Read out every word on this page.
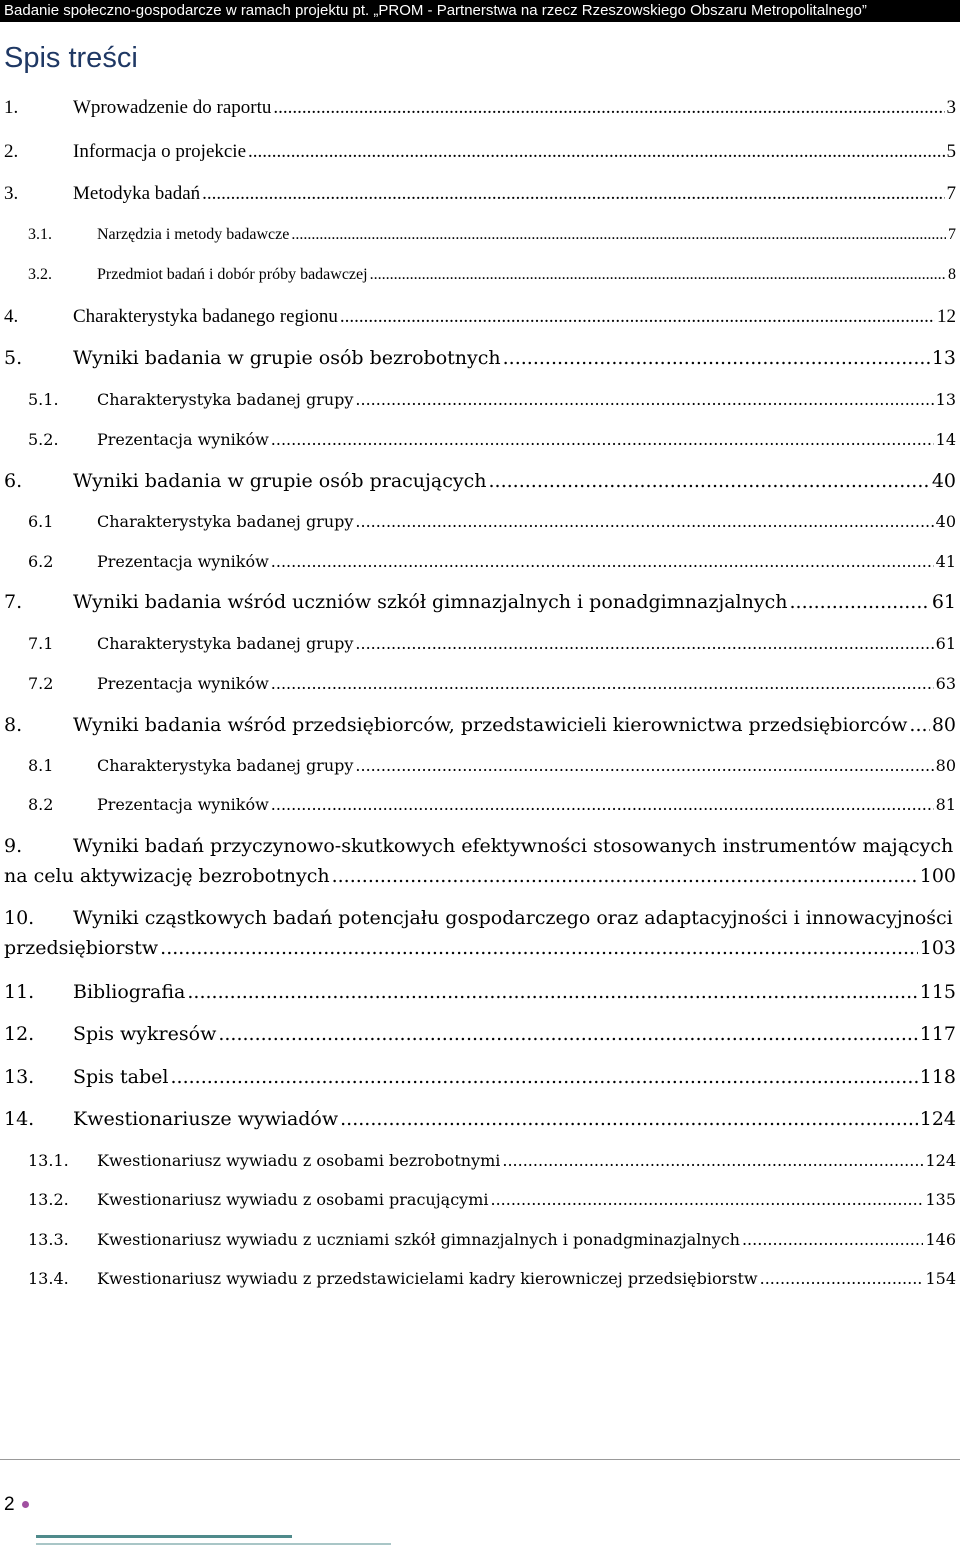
Badanie społeczno-gospodarcze w ramach projektu pt. „PROM - Partnerstwa na rzecz Rzeszowskiego Obszaru Metropolitalnego”
Spis treści
1.	Wprowadzenie do raportu .....	3
2.	Informacja o projekcie .....	5
3.	Metodyka badań .....	7
3.1.	Narzędzia i metody badawcze .....	7
3.2.	Przedmiot badań i dobór próby badawczej .....	8
4.	Charakterystyka badanego regionu .....	12
5.	Wyniki badania w grupie osób bezrobotnych .....	13
5.1.	Charakterystyka badanej grupy .....	13
5.2.	Prezentacja wyników .....	14
6.	Wyniki badania w grupie osób pracujących .....	40
6.1	Charakterystyka badanej grupy .....	40
6.2	Prezentacja wyników .....	41
7.	Wyniki badania wśród uczniów szkół gimnazjalnych i ponadgimnazjalnych .....	61
7.1	Charakterystyka badanej grupy .....	61
7.2	Prezentacja wyników .....	63
8.	Wyniki badania wśród przedsiębiorców, przedstawicieli kierownictwa przedsiębiorców ..... 80
8.1	Charakterystyka badanej grupy .....	80
8.2	Prezentacja wyników .....	81
9.	Wyniki badań przyczynowo-skutkowych efektywności stosowanych instrumentów mających
na celu aktywizację bezrobotnych .....	100
10.	Wyniki cząstkowych badań potencjału gospodarczego oraz adaptacyjności i innowacyjności
przedsiębiorstw .....	103
11.	Bibliografia .....	115
12.	Spis wykresów .....	117
13.	Spis tabel .....	118
14.	Kwestionariusze wywiadów .....	124
13.1.	Kwestionariusz wywiadu z osobami bezrobotnymi .....	124
13.2.	Kwestionariusz wywiadu z osobami pracującymi .....	135
13.3.	Kwestionariusz wywiadu z uczniami szkół gimnazjalnych i ponadgminazjalnych .....	146
13.4.	Kwestionariusz wywiadu z przedstawicielami kadry kierowniczej przedsiębiorstw .....	154
2
